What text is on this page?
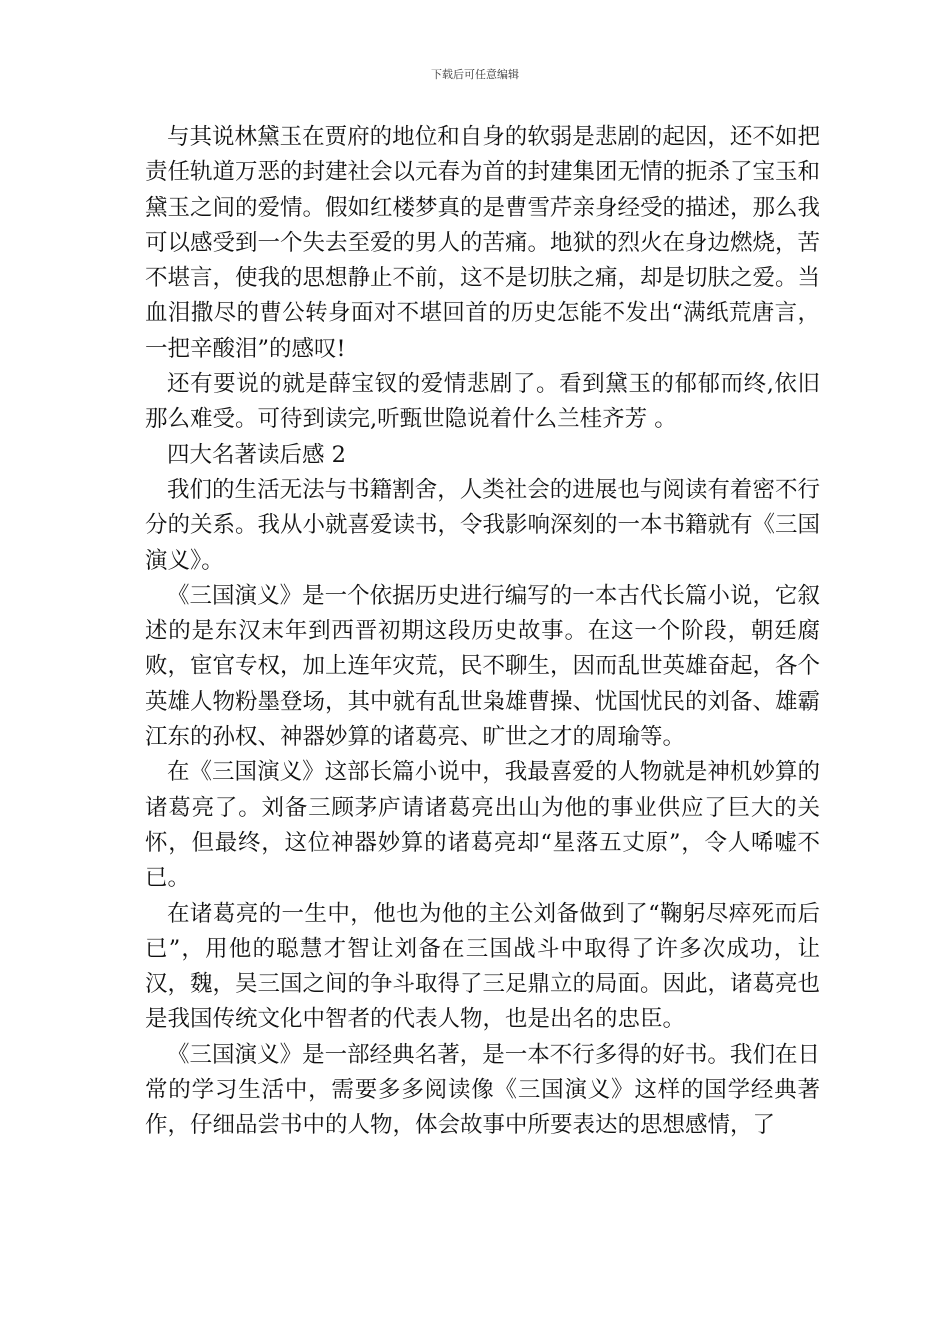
下载后可任意编辑

与其说林黛玉在贾府的地位和自身的软弱是悲剧的起因，还不如把责任轨道万恶的封建社会以元春为首的封建集团无情的扼杀了宝玉和黛玉之间的爱情。假如红楼梦真的是曹雪芹亲身经受的描述，那么我可以感受到一个失去至爱的男人的苦痛。地狱的烈火在身边燃烧，苦不堪言，使我的思想静止不前，这不是切肤之痛，却是切肤之爱。当血泪撒尽的曹公转身面对不堪回首的历史怎能不发出“满纸荒唐言，一把辛酸泪”的感叹!

还有要说的就是薛宝钗的爱情悲剧了。看到黛玉的郁郁而终,依旧那么难受。可待到读完,听甄世隐说着什么兰桂齐芳 。

四大名著读后感 2

我们的生活无法与书籍割舍，人类社会的进展也与阅读有着密不行分的关系。我从小就喜爱读书，令我影响深刻的一本书籍就有《三国演义》。

《三国演义》是一个依据历史进行编写的一本古代长篇小说，它叙述的是东汉末年到西晋初期这段历史故事。在这一个阶段，朝廷腐败，宦官专权，加上连年灾荒，民不聊生，因而乱世英雄奋起，各个英雄人物粉墨登场，其中就有乱世枭雄曹操、忧国忧民的刘备、雄霸江东的孙权、神器妙算的诸葛亮、旷世之才的周瑜等。

在《三国演义》这部长篇小说中，我最喜爱的人物就是神机妙算的诸葛亮了。刘备三顾茅庐请诸葛亮出山为他的事业供应了巨大的关怀，但最终，这位神器妙算的诸葛亮却“星落五丈原”，令人唏嘘不已。

在诸葛亮的一生中，他也为他的主公刘备做到了“鞠躬尽瘁死而后已”，用他的聪慧才智让刘备在三国战斗中取得了许多次成功，让汉，魏，吴三国之间的争斗取得了三足鼎立的局面。因此，诸葛亮也是我国传统文化中智者的代表人物，也是出名的忠臣。

《三国演义》是一部经典名著，是一本不行多得的好书。我们在日常的学习生活中，需要多多阅读像《三国演义》这样的国学经典著作，仔细品尝书中的人物，体会故事中所要表达的思想感情，了
